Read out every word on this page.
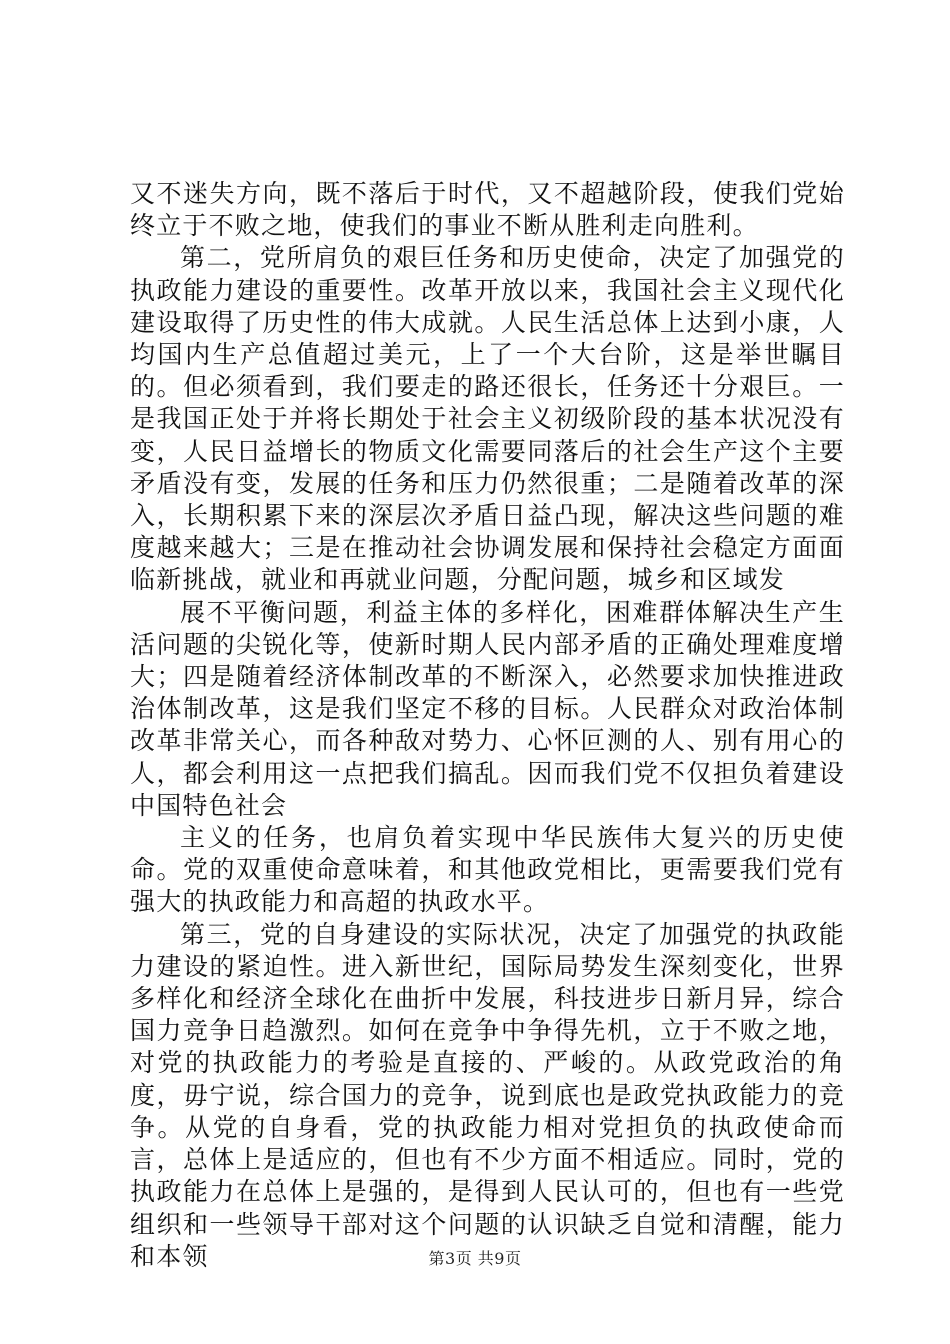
又不迷失方向，既不落后于时代，又不超越阶段，使我们党始终立于不败之地，使我们的事业不断从胜利走向胜利。

第二，党所肩负的艰巨任务和历史使命，决定了加强党的执政能力建设的重要性。改革开放以来，我国社会主义现代化建设取得了历史性的伟大成就。人民生活总体上达到小康，人均国内生产总值超过美元，上了一个大台阶，这是举世瞩目的。但必须看到，我们要走的路还很长，任务还十分艰巨。一是我国正处于并将长期处于社会主义初级阶段的基本状况没有变，人民日益增长的物质文化需要同落后的社会生产这个主要矛盾没有变，发展的任务和压力仍然很重；二是随着改革的深入，长期积累下来的深层次矛盾日益凸现，解决这些问题的难度越来越大；三是在推动社会协调发展和保持社会稳定方面面临新挑战，就业和再就业问题，分配问题，城乡和区域发

展不平衡问题，利益主体的多样化，困难群体解决生产生活问题的尖锐化等，使新时期人民内部矛盾的正确处理难度增大；四是随着经济体制改革的不断深入，必然要求加快推进政治体制改革，这是我们坚定不移的目标。人民群众对政治体制改革非常关心，而各种敌对势力、心怀叵测的人、别有用心的人，都会利用这一点把我们搞乱。因而我们党不仅担负着建设中国特色社会

主义的任务，也肩负着实现中华民族伟大复兴的历史使命。党的双重使命意味着，和其他政党相比，更需要我们党有强大的执政能力和高超的执政水平。

第三，党的自身建设的实际状况，决定了加强党的执政能力建设的紧迫性。进入新世纪，国际局势发生深刻变化，世界多样化和经济全球化在曲折中发展，科技进步日新月异，综合国力竞争日趋激烈。如何在竞争中争得先机，立于不败之地，对党的执政能力的考验是直接的、严峻的。从政党政治的角度，毋宁说，综合国力的竞争，说到底也是政党执政能力的竞争。从党的自身看，党的执政能力相对党担负的执政使命而言，总体上是适应的，但也有不少方面不相适应。同时，党的执政能力在总体上是强的，是得到人民认可的，但也有一些党组织和一些领导干部对这个问题的认识缺乏自觉和清醒，能力和本领	第3页 共9页
